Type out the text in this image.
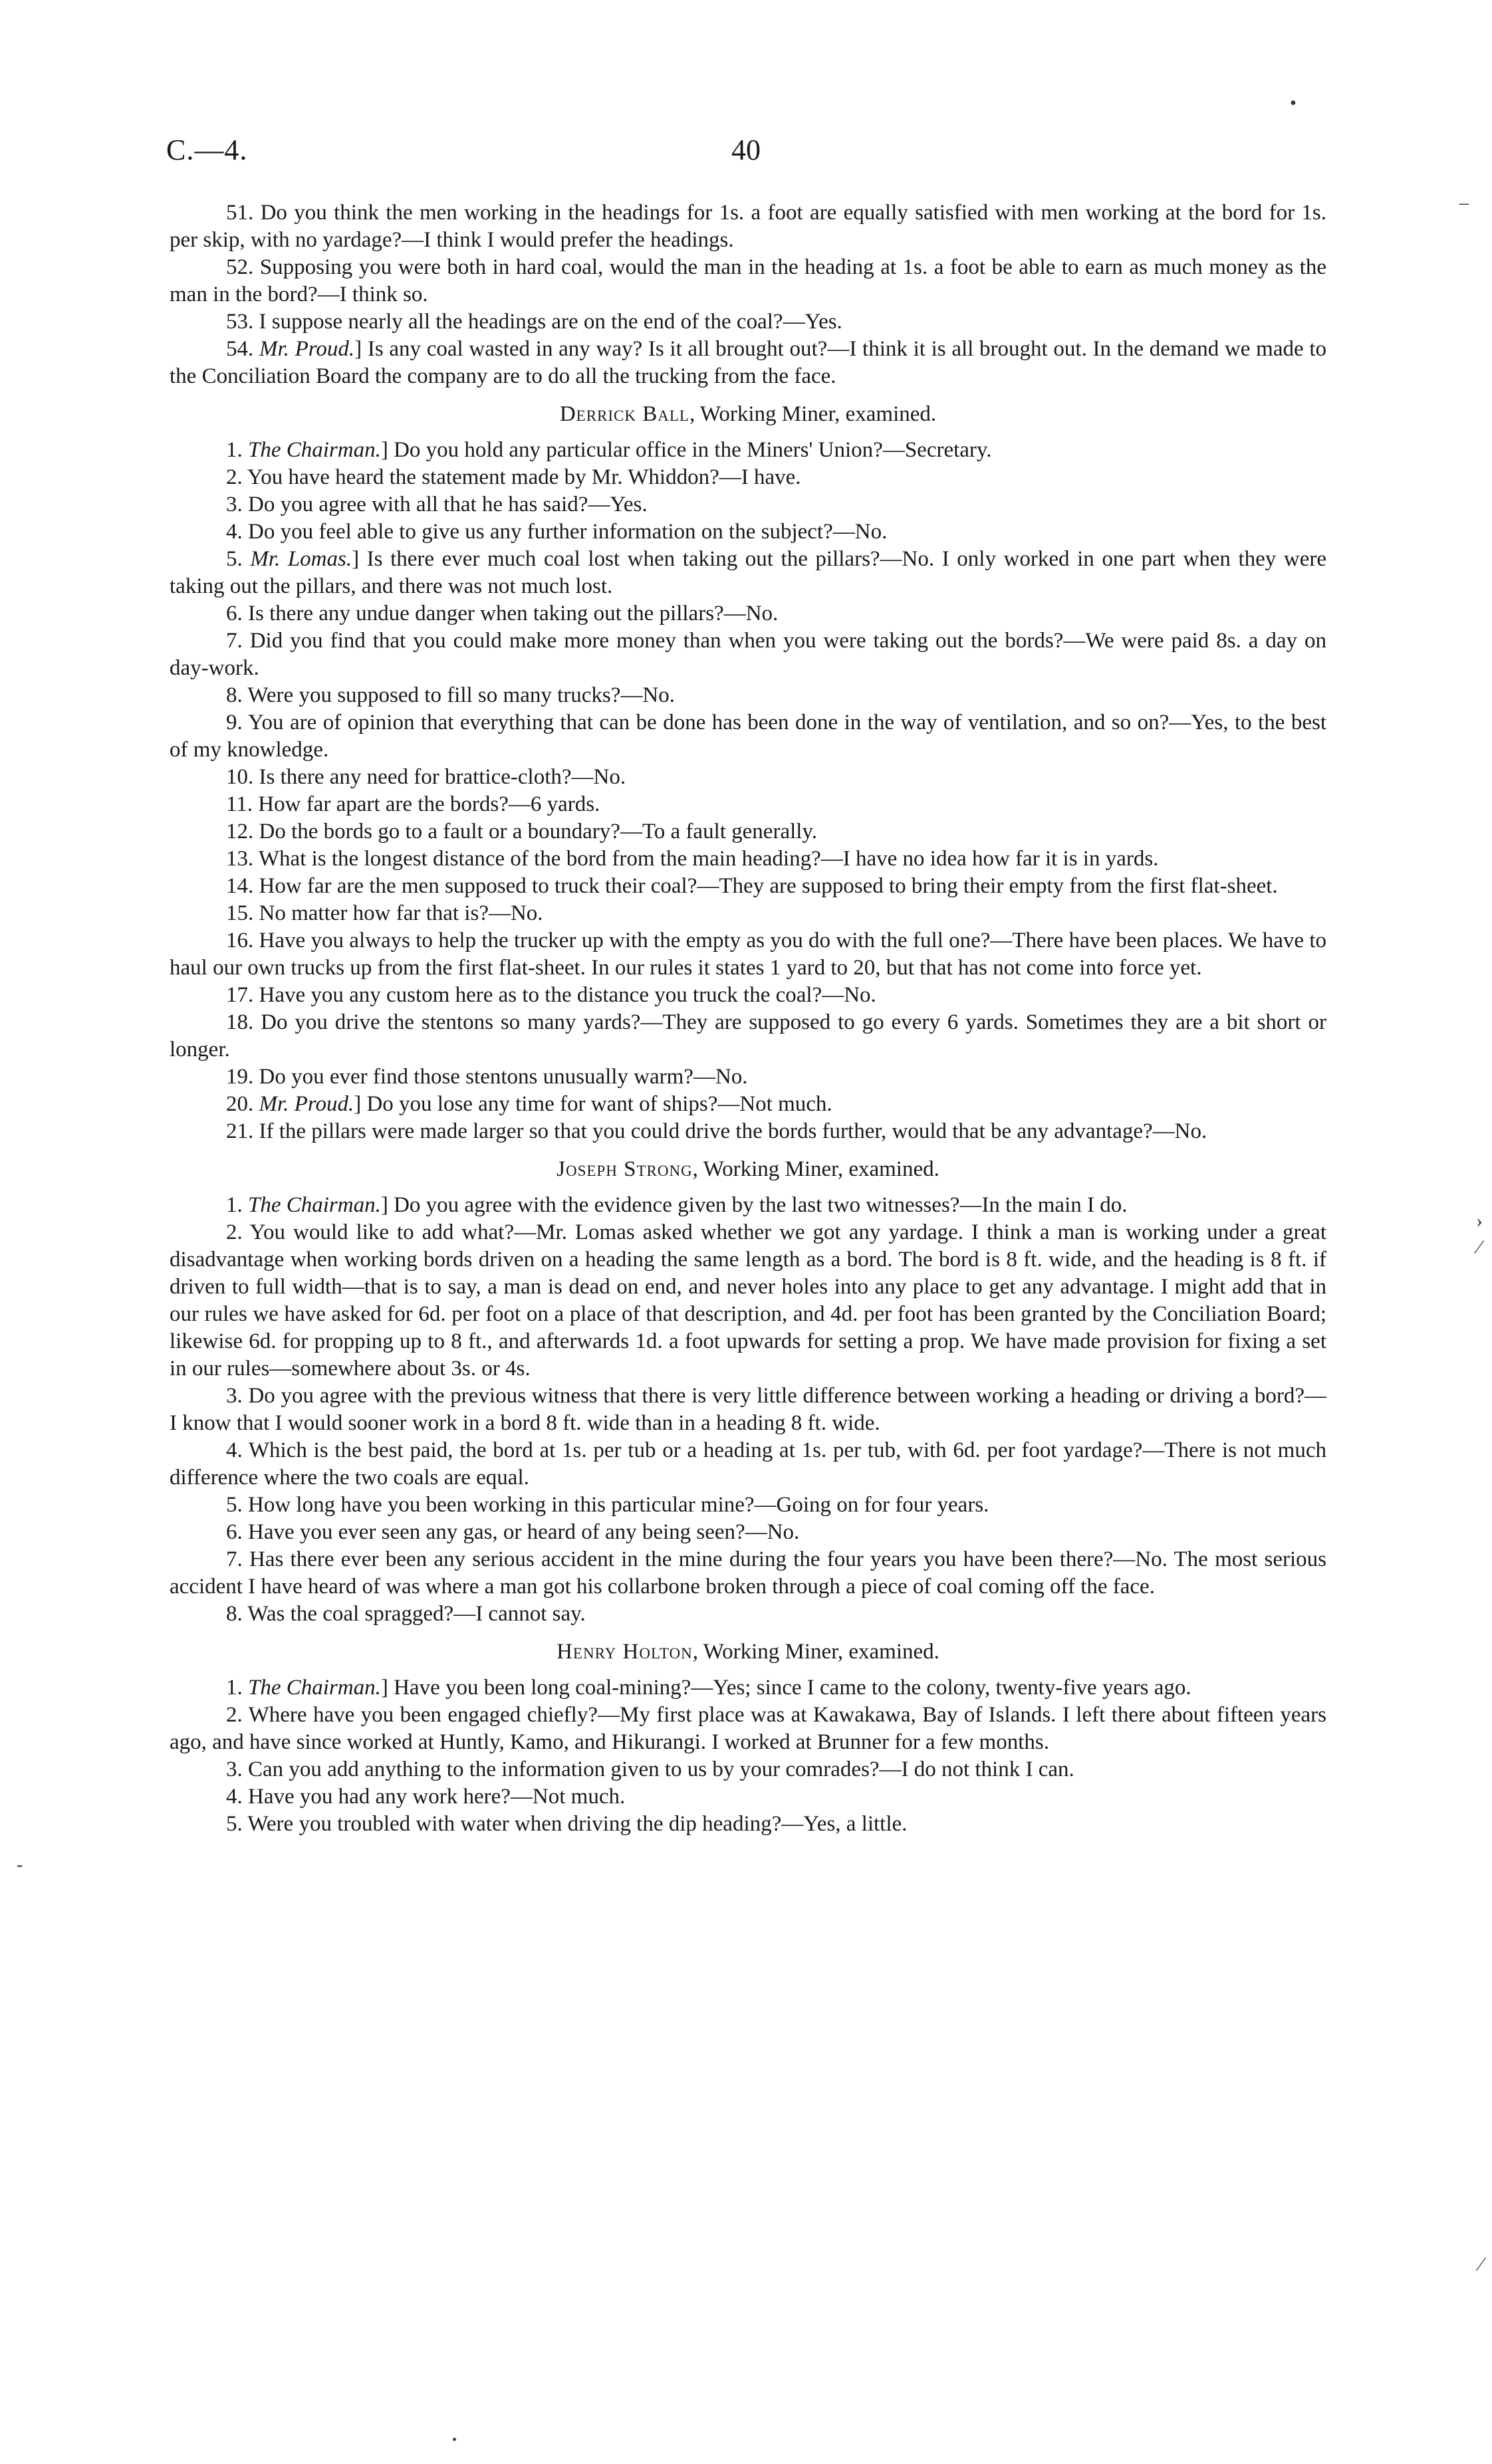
C.—4.	40

51. Do you think the men working in the headings for 1s. a foot are equally satisfied with men working at the bord for 1s. per skip, with no yardage?—I think I would prefer the headings.

52. Supposing you were both in hard coal, would the man in the heading at 1s. a foot be able to earn as much money as the man in the bord?—I think so.

53. I suppose nearly all the headings are on the end of the coal?—Yes.

54. Mr. Proud.] Is any coal wasted in any way? Is it all brought out?—I think it is all brought out. In the demand we made to the Conciliation Board the company are to do all the trucking from the face.

Derrick Ball, Working Miner, examined.

1. The Chairman.] Do you hold any particular office in the Miners' Union?—Secretary.

2. You have heard the statement made by Mr. Whiddon?—I have.

3. Do you agree with all that he has said?—Yes.

4. Do you feel able to give us any further information on the subject?—No.

5. Mr. Lomas.] Is there ever much coal lost when taking out the pillars?—No. I only worked in one part when they were taking out the pillars, and there was not much lost.

6. Is there any undue danger when taking out the pillars?—No.

7. Did you find that you could make more money than when you were taking out the bords?—We were paid 8s. a day on day-work.

8. Were you supposed to fill so many trucks?—No.

9. You are of opinion that everything that can be done has been done in the way of ventilation, and so on?—Yes, to the best of my knowledge.

10. Is there any need for brattice-cloth?—No.

11. How far apart are the bords?—6 yards.

12. Do the bords go to a fault or a boundary?—To a fault generally.

13. What is the longest distance of the bord from the main heading?—I have no idea how far it is in yards.

14. How far are the men supposed to truck their coal?—They are supposed to bring their empty from the first flat-sheet.

15. No matter how far that is?—No.

16. Have you always to help the trucker up with the empty as you do with the full one?—There have been places. We have to haul our own trucks up from the first flat-sheet. In our rules it states 1 yard to 20, but that has not come into force yet.

17. Have you any custom here as to the distance you truck the coal?—No.

18. Do you drive the stentons so many yards?—They are supposed to go every 6 yards. Sometimes they are a bit short or longer.

19. Do you ever find those stentons unusually warm?—No.

20. Mr. Proud.] Do you lose any time for want of ships?—Not much.

21. If the pillars were made larger so that you could drive the bords further, would that be any advantage?—No.

Joseph Strong, Working Miner, examined.

1. The Chairman.] Do you agree with the evidence given by the last two witnesses?—In the main I do.

2. You would like to add what?—Mr. Lomas asked whether we got any yardage. I think a man is working under a great disadvantage when working bords driven on a heading the same length as a bord. The bord is 8 ft. wide, and the heading is 8 ft. if driven to full width—that is to say, a man is dead on end, and never holes into any place to get any advantage. I might add that in our rules we have asked for 6d. per foot on a place of that description, and 4d. per foot has been granted by the Conciliation Board; likewise 6d. for propping up to 8 ft., and afterwards 1d. a foot upwards for setting a prop. We have made provision for fixing a set in our rules—somewhere about 3s. or 4s.

3. Do you agree with the previous witness that there is very little difference between working a heading or driving a bord?—I know that I would sooner work in a bord 8 ft. wide than in a heading 8 ft. wide.

4. Which is the best paid, the bord at 1s. per tub or a heading at 1s. per tub, with 6d. per foot yardage?—There is not much difference where the two coals are equal.

5. How long have you been working in this particular mine?—Going on for four years.

6. Have you ever seen any gas, or heard of any being seen?—No.

7. Has there ever been any serious accident in the mine during the four years you have been there?—No. The most serious accident I have heard of was where a man got his collarbone broken through a piece of coal coming off the face.

8. Was the coal spragged?—I cannot say.

Henry Holton, Working Miner, examined.

1. The Chairman.] Have you been long coal-mining?—Yes; since I came to the colony, twenty-five years ago.

2. Where have you been engaged chiefly?—My first place was at Kawakawa, Bay of Islands. I left there about fifteen years ago, and have since worked at Huntly, Kamo, and Hikurangi. I worked at Brunner for a few months.

3. Can you add anything to the information given to us by your comrades?—I do not think I can.

4. Have you had any work here?—Not much.

5. Were you troubled with water when driving the dip heading?—Yes, a little.

•
–
›
⁄
-
⁄
•
